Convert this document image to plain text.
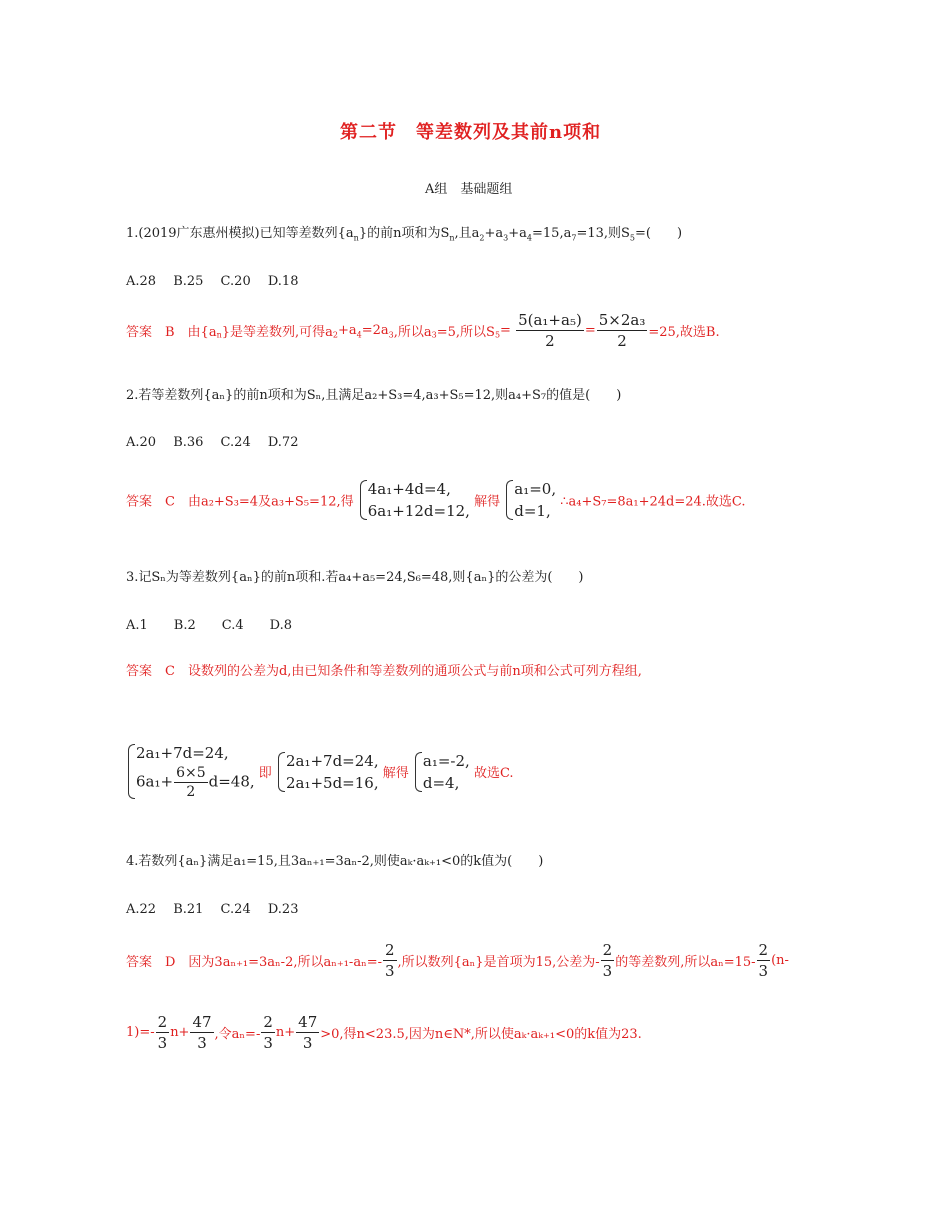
第二节　等差数列及其前n项和
A组　基础题组
1.(2019广东惠州模拟)已知等差数列$\{a_n\}$的前n项和为$S_n$,且$a_2+a_3+a_4=15,a_7=13$,则$S_5=$(　　)
A.28　 B.25　 C.20　 D.18
答案　B　由$\{a_n\}$是等差数列,可得$a_2+a_4=2a_3$,所以$a_3=5$,所以$S_5= \frac{\text{5(a₁+a₅)}}{2} = \frac{\text{5×2a₃}}{2} =25$,故选B.
2.若等差数列{aₙ}的前n项和为Sₙ,且满足a₂+S₃=4,a₃+S₅=12,则a₄+S₇的值是(　　)
A.20　 B.36　 C.24　 D.72
答案　C　由a₂+S₃=4及a₃+S₅=12,得
4a₁+4d=4,
6a₁+12d=12, 解得
a₁=0,
d=1, ∴a₄+S₇=8a₁+24d=24.故选C.
3.记Sₙ为等差数列{aₙ}的前n项和.若a₄+a₅=24,S₆=48,则{aₙ}的公差为(　　)
A.1　　B.2　　C.4　　D.8
答案　C　设数列的公差为d,由已知条件和等差数列的通项公式与前n项和公式可列方程组,
2a₁+7d=24,
$6a_1+ \frac{6\times 5}{2} d=48$, 即
2a₁+7d=24,
2a₁+5d=16, 解得
a₁=-2,
d=4,	故选C.
4.若数列{aₙ}满足a₁=15,且3aₙ₊₁=3aₙ-2,则使aₖ·aₖ₊₁<0的k值为(　　)
A.22　 B.21　 C.24　 D.23
答案　D　因为3aₙ₊₁=3aₙ-2,所以$a_{n+1}-a_n=- \frac{2}{3}$ ,所以数列{aₙ}是首项为15,公差为- $\frac{2}{3}$ 的等差数列,所以$a_n=15- \frac{2}{3} (n-$
$1)=- \frac{2}{3} n+ \frac{47}{3}$ ,令$a_n=- \frac{2}{3} n+ \frac{47}{3} >0$,得n<23.5,因为n∈N*,所以使aₖ·aₖ₊₁<0的k值为23.
